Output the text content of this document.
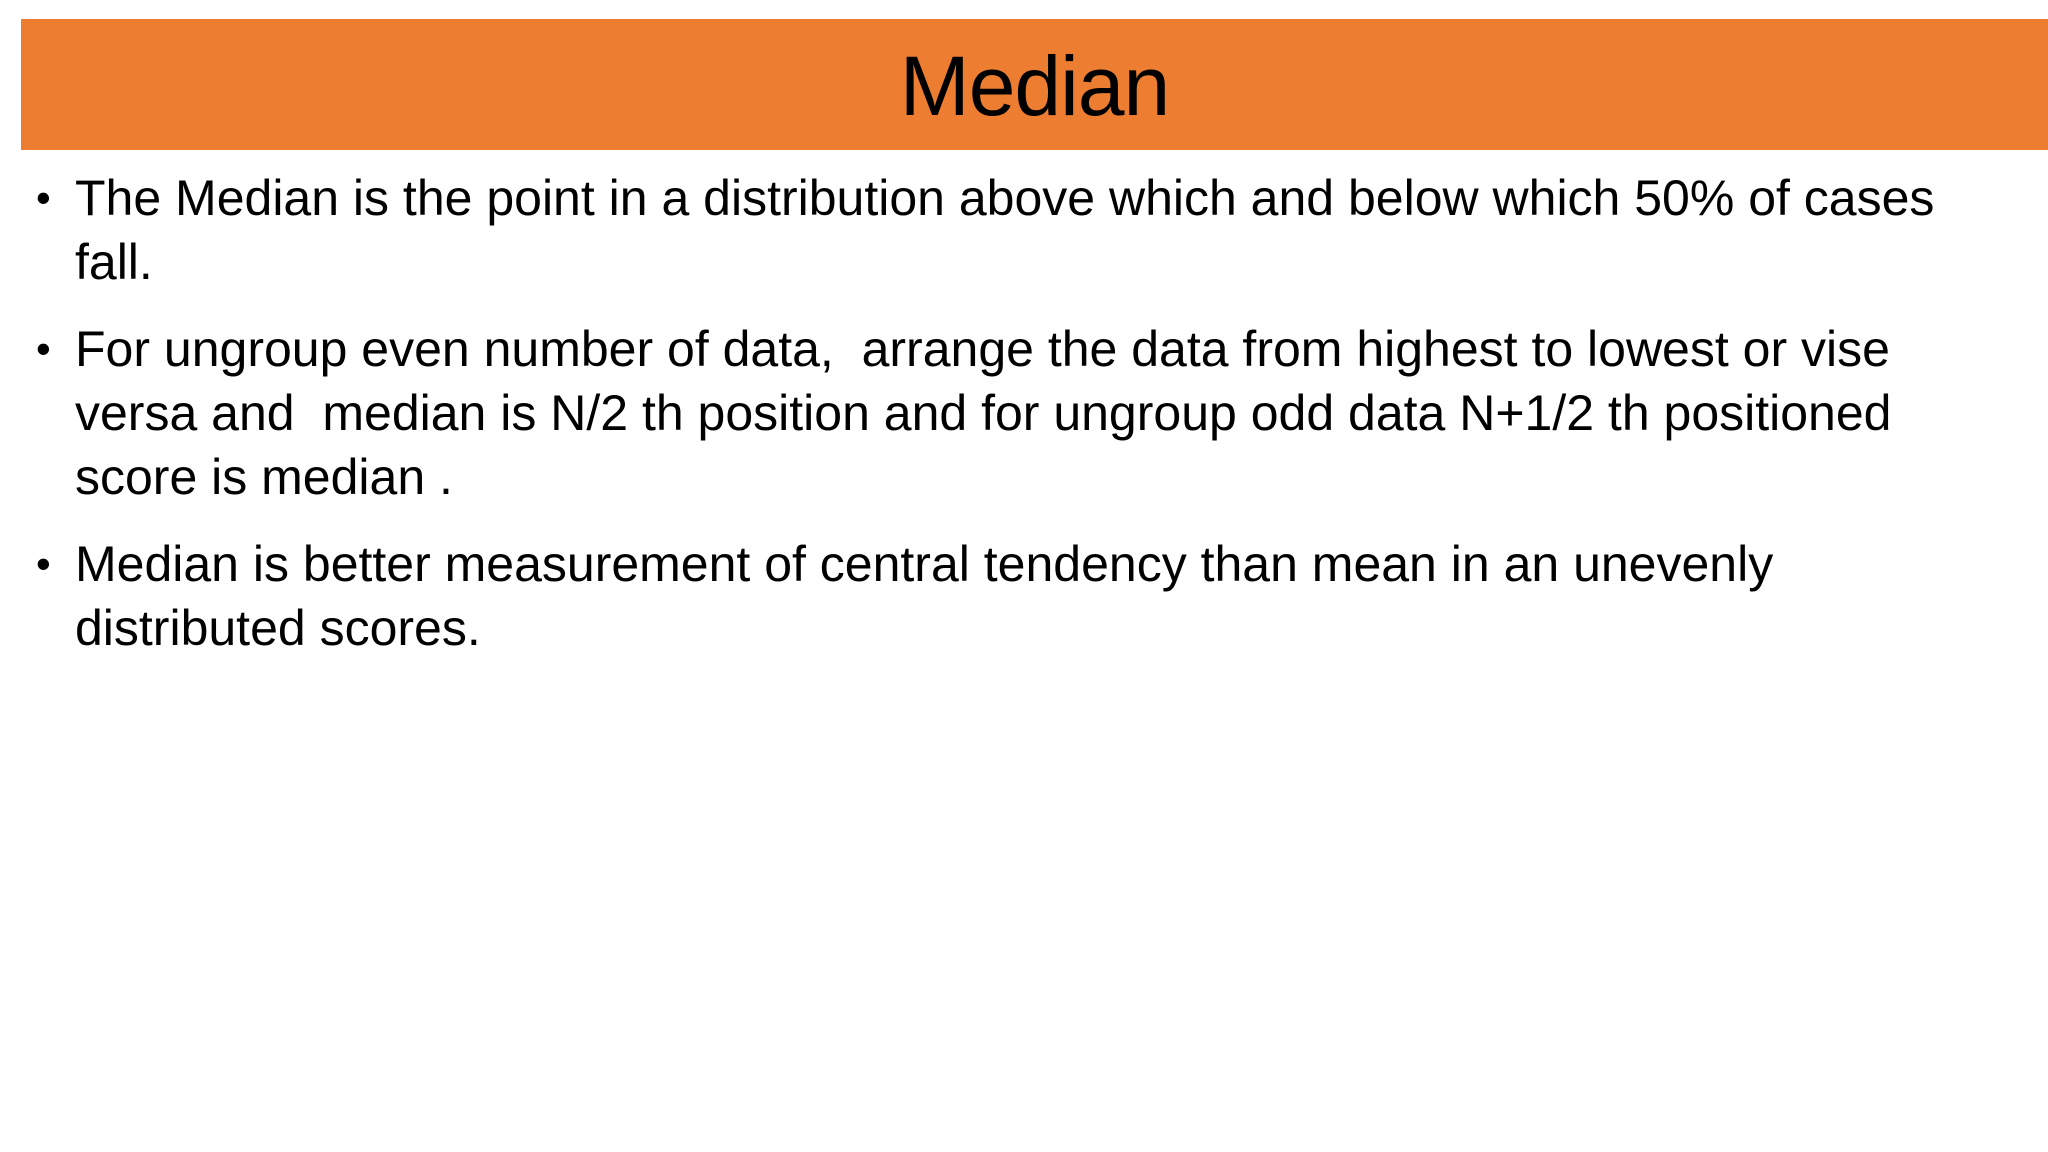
Median
• The Median is the point in a distribution above which and below which 50% of cases fall.
• For ungroup even number of data,  arrange the data from highest to lowest or vise versa and  median is N/2 th position and for ungroup odd data N+1/2 th positioned score is median .
• Median is better measurement of central tendency than mean in an unevenly distributed scores.
